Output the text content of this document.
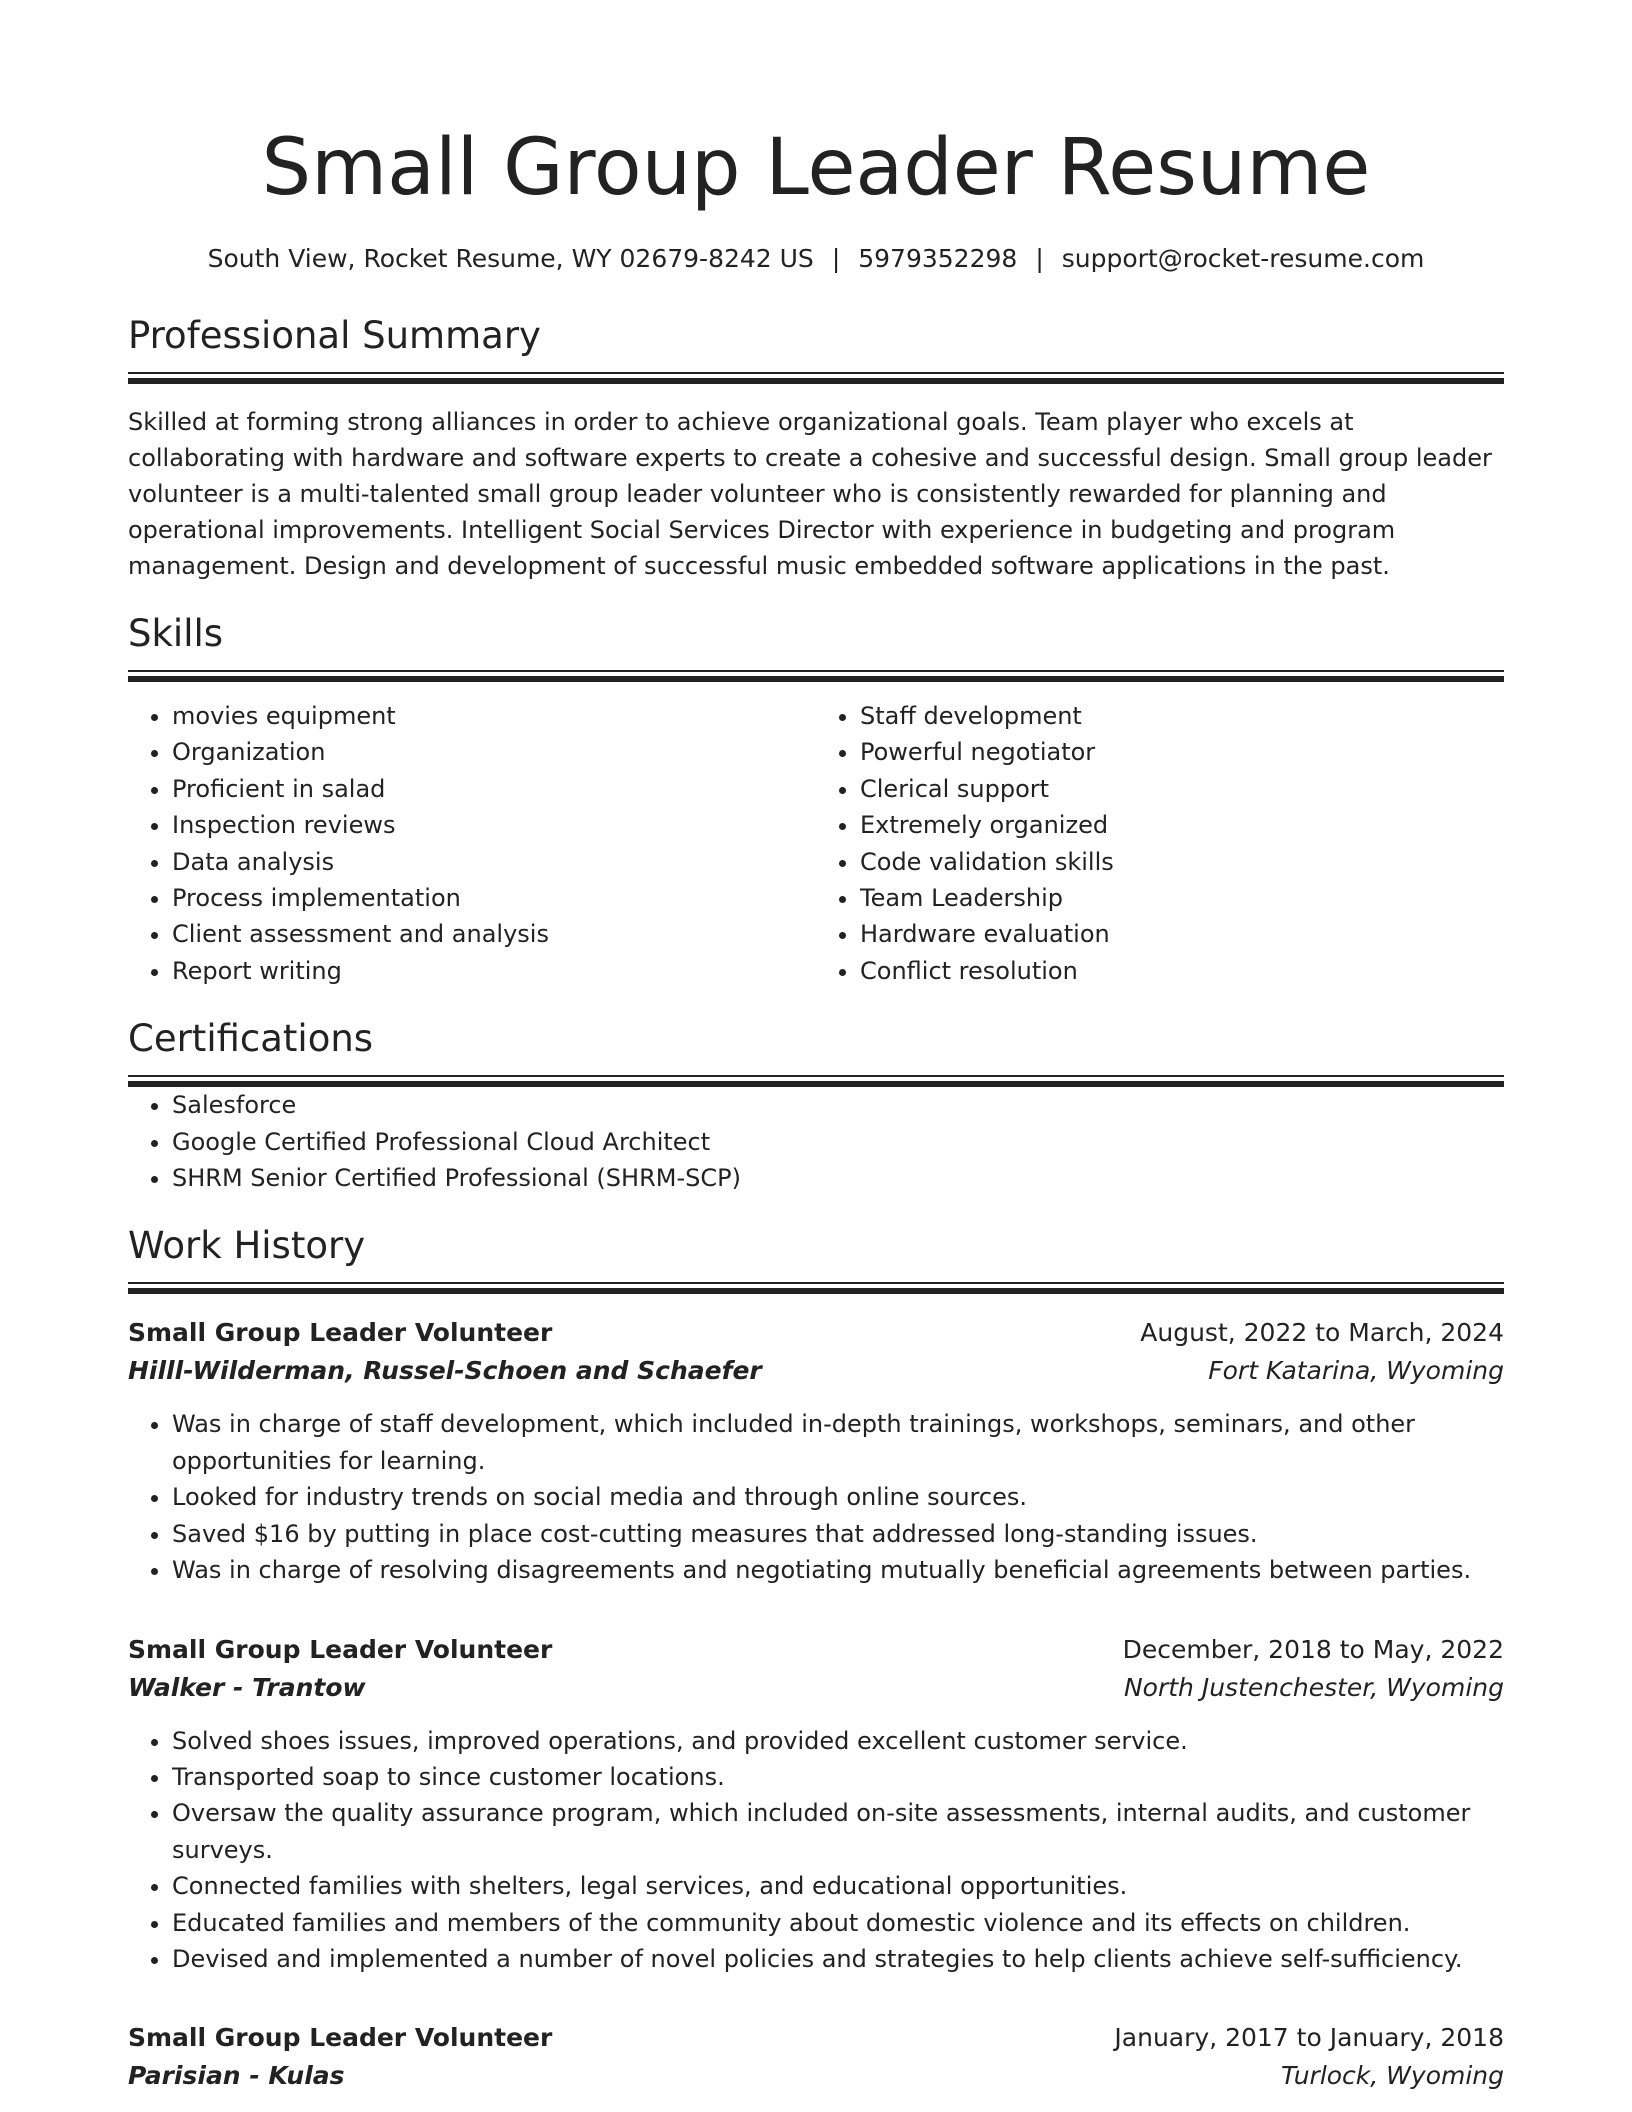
Small Group Leader Resume
South View, Rocket Resume, WY 02679-8242 US | 5979352298 | support@rocket-resume.com
Professional Summary

Skilled at forming strong alliances in order to achieve organizational goals. Team player who excels at collaborating with hardware and software experts to create a cohesive and successful design. Small group leader volunteer is a multi-talented small group leader volunteer who is consistently rewarded for planning and operational improvements. Intelligent Social Services Director with experience in budgeting and program management. Design and development of successful music embedded software applications in the past.

Skills
• movies equipment
• Organization
• Proficient in salad
• Inspection reviews
• Data analysis
• Process implementation
• Client assessment and analysis
• Report writing
• Staff development
• Powerful negotiator
• Clerical support
• Extremely organized
• Code validation skills
• Team Leadership
• Hardware evaluation
• Conflict resolution
Certifications
• Salesforce
• Google Certified Professional Cloud Architect
• SHRM Senior Certified Professional (SHRM-SCP)
Work History
Small Group Leader Volunteer	August, 2022 to March, 2024
Hilll-Wilderman, Russel-Schoen and Schaefer	Fort Katarina, Wyoming
• Was in charge of staff development, which included in-depth trainings, workshops, seminars, and other opportunities for learning.
• Looked for industry trends on social media and through online sources.
• Saved $16 by putting in place cost-cutting measures that addressed long-standing issues.
• Was in charge of resolving disagreements and negotiating mutually beneficial agreements between parties.
Small Group Leader Volunteer	December, 2018 to May, 2022
Walker - Trantow	North Justenchester, Wyoming
• Solved shoes issues, improved operations, and provided excellent customer service.
• Transported soap to since customer locations.
• Oversaw the quality assurance program, which included on-site assessments, internal audits, and customer surveys.
• Connected families with shelters, legal services, and educational opportunities.
• Educated families and members of the community about domestic violence and its effects on children.
• Devised and implemented a number of novel policies and strategies to help clients achieve self-sufficiency.
Small Group Leader Volunteer	January, 2017 to January, 2018
Parisian - Kulas	Turlock, Wyoming
